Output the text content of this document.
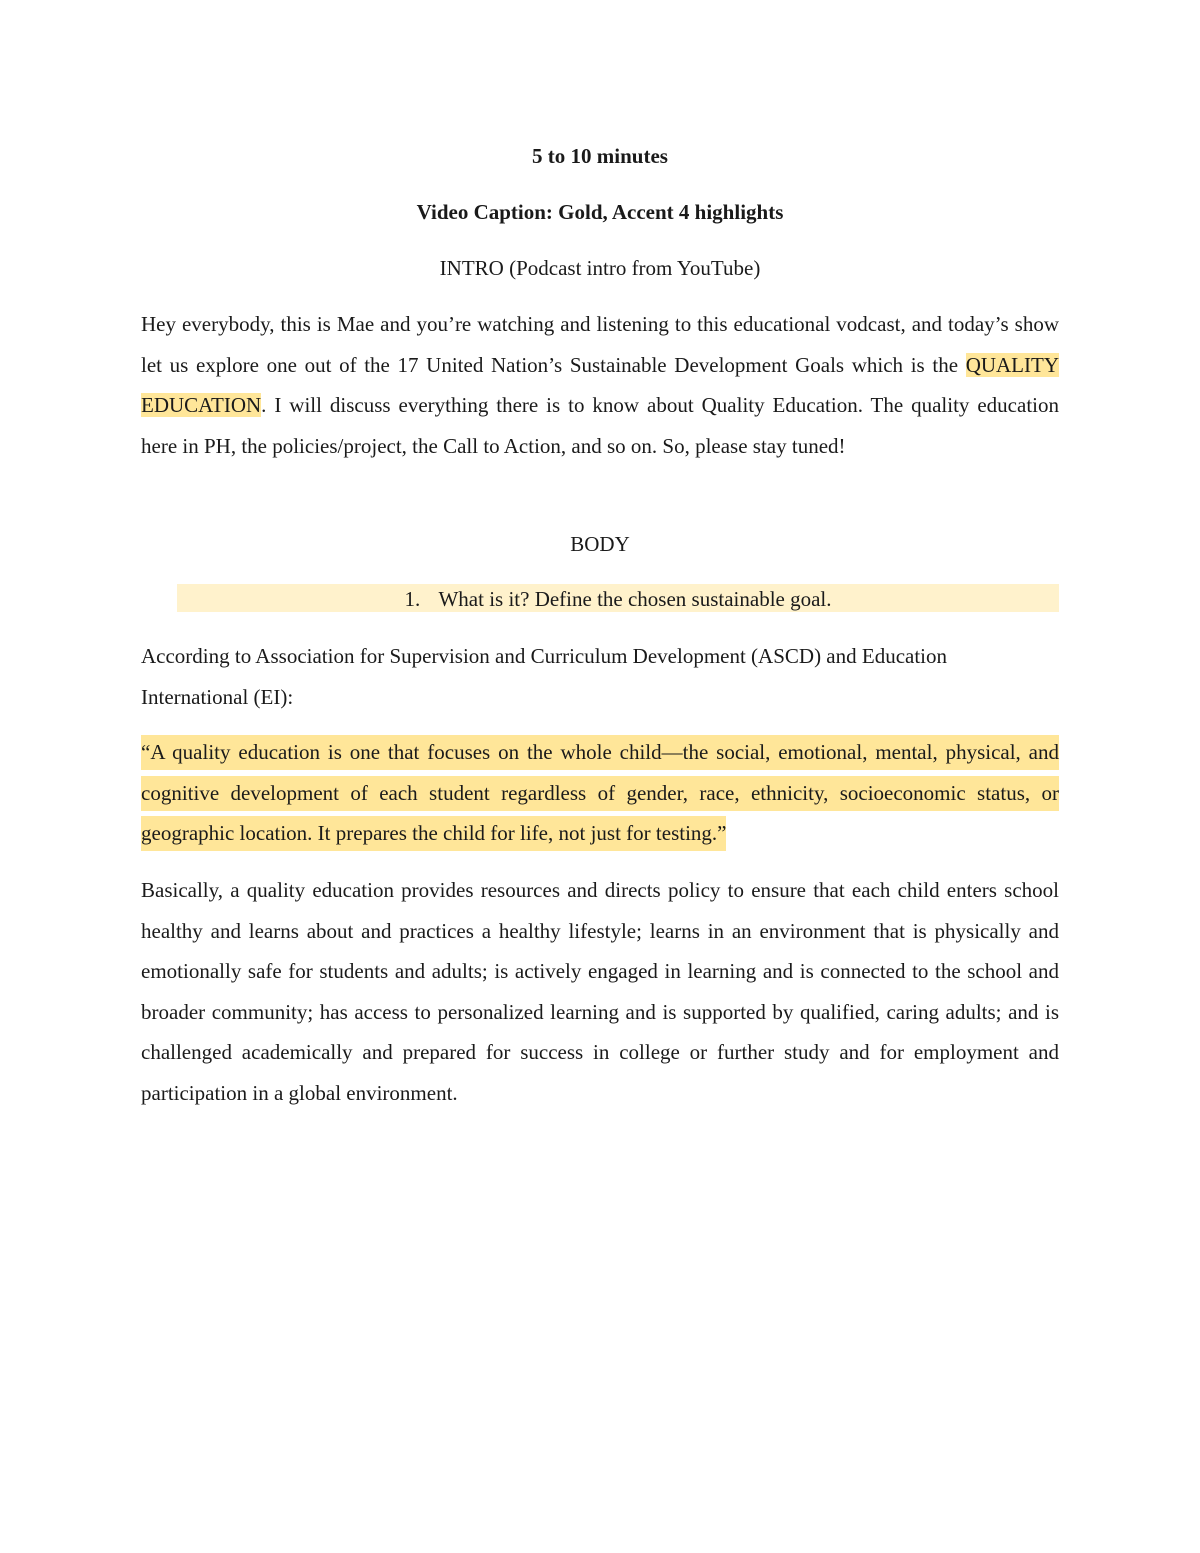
5 to 10 minutes
Video Caption: Gold, Accent 4 highlights
INTRO (Podcast intro from YouTube)
Hey everybody, this is Mae and you’re watching and listening to this educational vodcast, and today’s show let us explore one out of the 17 United Nation’s Sustainable Development Goals which is the QUALITY EDUCATION. I will discuss everything there is to know about Quality Education. The quality education here in PH, the policies/project, the Call to Action, and so on. So, please stay tuned!
BODY
1. What is it? Define the chosen sustainable goal.
According to Association for Supervision and Curriculum Development (ASCD) and Education International (EI):
“A quality education is one that focuses on the whole child—the social, emotional, mental, physical, and cognitive development of each student regardless of gender, race, ethnicity, socioeconomic status, or geographic location. It prepares the child for life, not just for testing.”
Basically, a quality education provides resources and directs policy to ensure that each child enters school healthy and learns about and practices a healthy lifestyle; learns in an environment that is physically and emotionally safe for students and adults; is actively engaged in learning and is connected to the school and broader community; has access to personalized learning and is supported by qualified, caring adults; and is challenged academically and prepared for success in college or further study and for employment and participation in a global environment.
